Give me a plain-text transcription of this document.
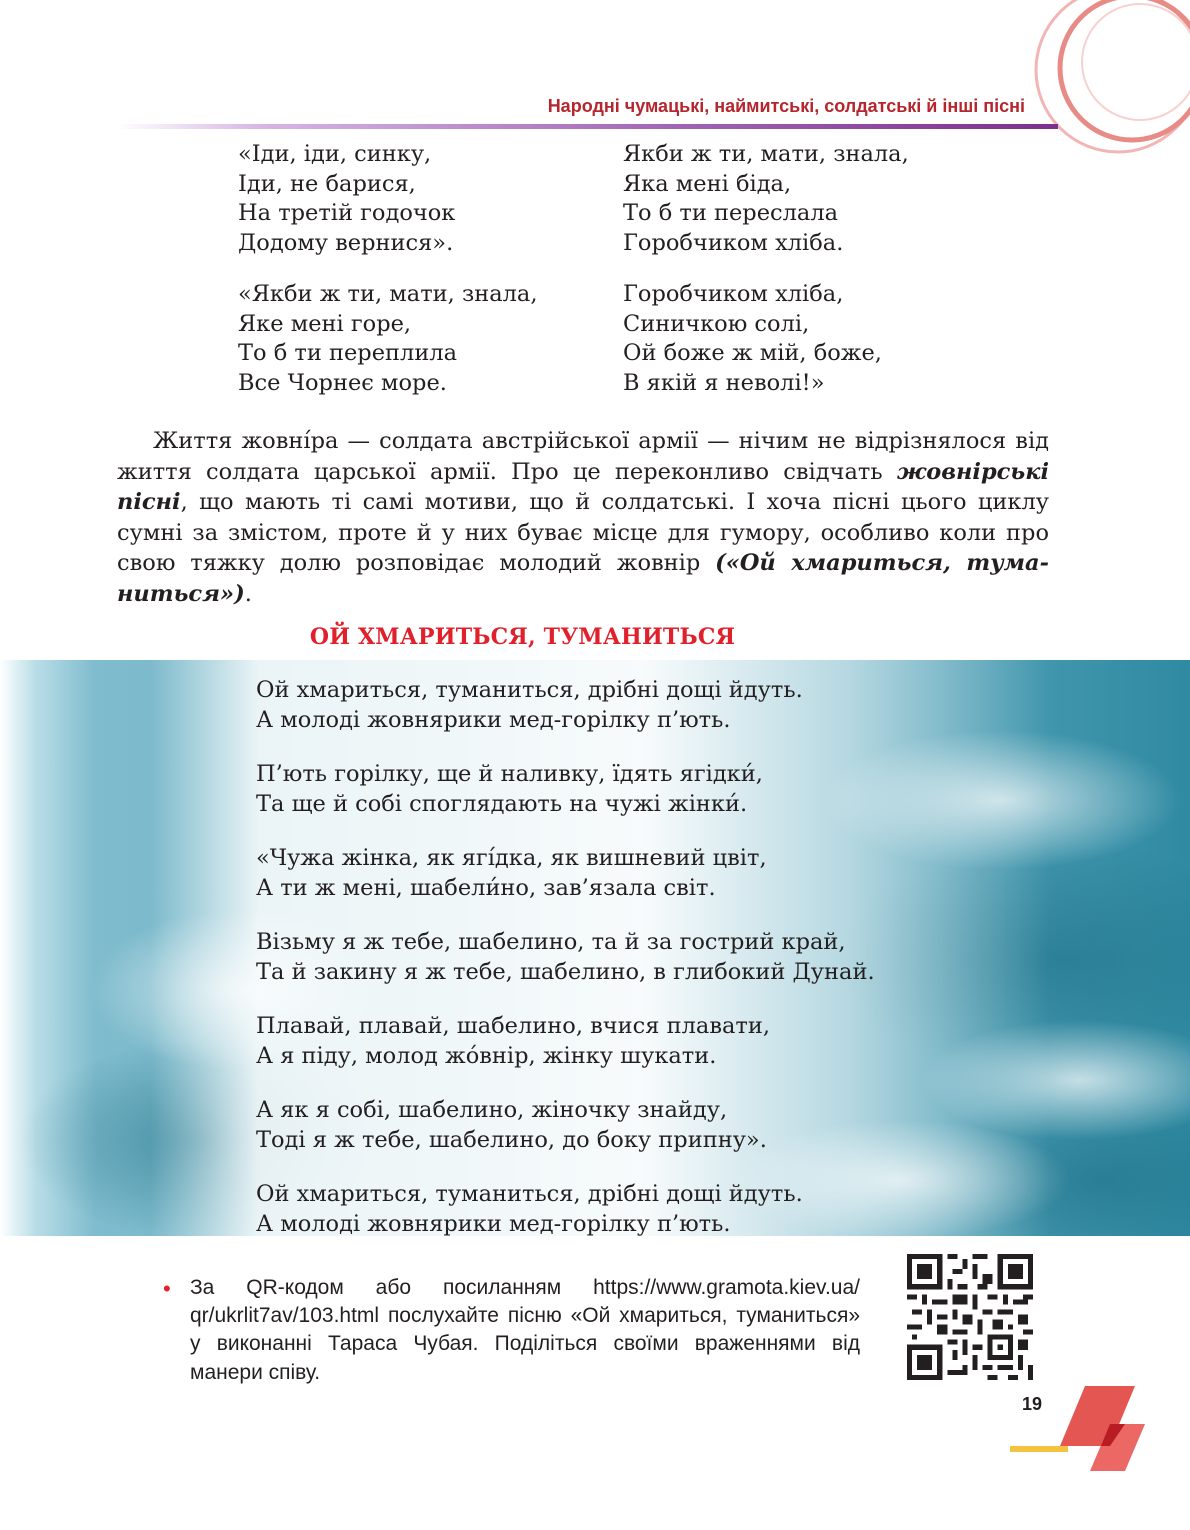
Народні чумацькі, наймитські, солдатські й інші пісні

«Іди, іди, синку,
Іди, не барися,
На третій годочок
Додому вернися».

«Якби ж ти, мати, знала,
Яке мені горе,
То б ти переплила
Все Чорнеє море.

Якби ж ти, мати, знала,
Яка мені біда,
То б ти переслала
Горобчиком хліба.

Горобчиком хліба,
Синичкою солі,
Ой боже ж мій, боже,
В якій я неволі!»

Життя жовні́ра — солдата австрійської армії — нічим не відрізнялося від життя солдата царської армії. Про це переконливо свідчать жовнірські пісні, що мають ті самі мотиви, що й солдатські. І хоча пісні цього циклу сумні за змістом, проте й у них буває місце для гумору, особливо коли про свою тяжку долю розповідає молодий жовнір («Ой хмариться, туманиться»).

ОЙ ХМАРИТЬСЯ, ТУМАНИТЬСЯ

Ой хмариться, туманиться, дрібні дощі йдуть.
А молоді жовнярики мед-горілку п’ють.

П’ють горілку, ще й наливку, їдять ягідки́,
Та ще й собі споглядають на чужі жінки́.

«Чужа жінка, як ягі́дка, як вишневий цвіт,
А ти ж мені, шабели́но, зав’язала світ.

Візьму я ж тебе, шабелино, та й за гострий край,
Та й закину я ж тебе, шабелино, в глибокий Дунай.

Плавай, плавай, шабелино, вчися плавати,
А я піду, молод жо́внір, жінку шукати.

А як я собі, шабелино, жіночку знайду,
Тоді я ж тебе, шабелино, до боку припну».

Ой хмариться, туманиться, дрібні дощі йдуть.
А молоді жовнярики мед-горілку п’ють.

• За QR-кодом або посиланням https://www.gramota.kiev.ua/ qr/ukrlit7av/103.html послухайте пісню «Ой хмариться, туманиться» у виконанні Тараса Чубая. Поділіться своїми враженнями від манери співу.

19
